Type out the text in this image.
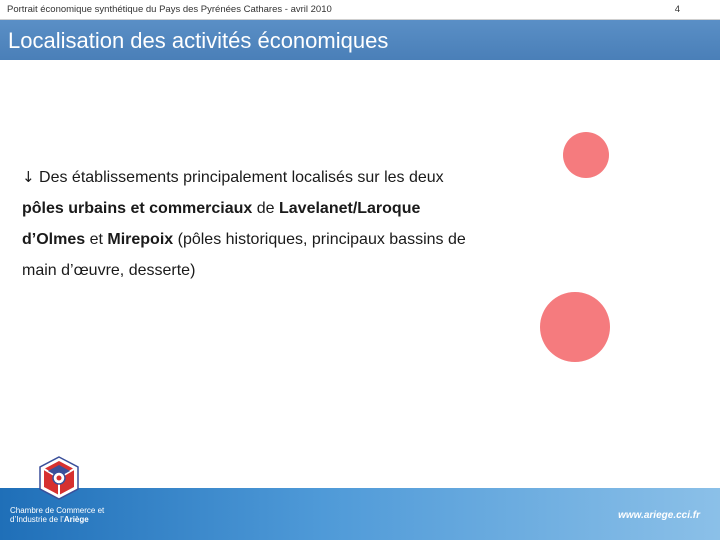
Portrait économique synthétique du Pays des Pyrénées Cathares - avril 2010	4
Localisation des activités économiques
↓ Des établissements principalement localisés sur les deux pôles urbains et commerciaux de Lavelanet/Laroque d’Olmes et Mirepoix (pôles historiques, principaux bassins de main d’œuvre, desserte)
Chambre de Commerce et
d’Industrie de l’Ariège	www.ariege.cci.fr
